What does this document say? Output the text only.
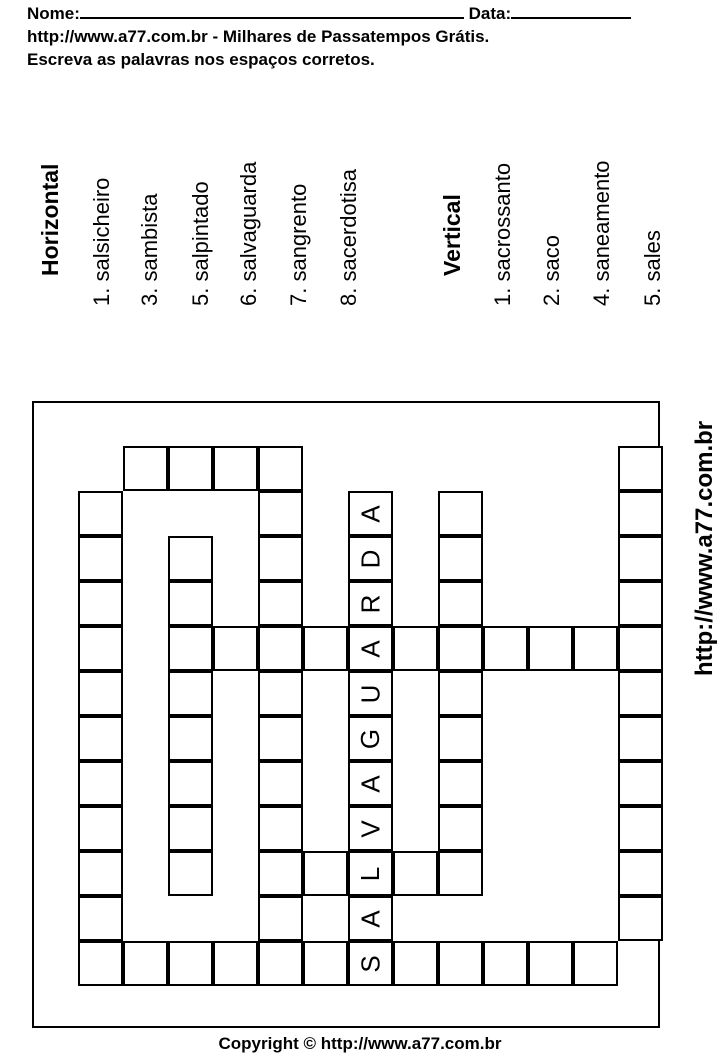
Nome:	Data:
http://www.a77.com.br - Milhares de Passatempos Grátis.
Escreva as palavras nos espaços corretos.
Horizontal 1. salsicheiro 3. sambista 5. salpintado 6. salvaguarda 7. sangrento 8. sacerdotisa	Vertical 1. sacrossanto 2. saco 4. saneamento 5. sales
http://www.a77.com.br
A
D
R
A
U
G
A
V
L
A
S
Copyright © http://www.a77.com.br
